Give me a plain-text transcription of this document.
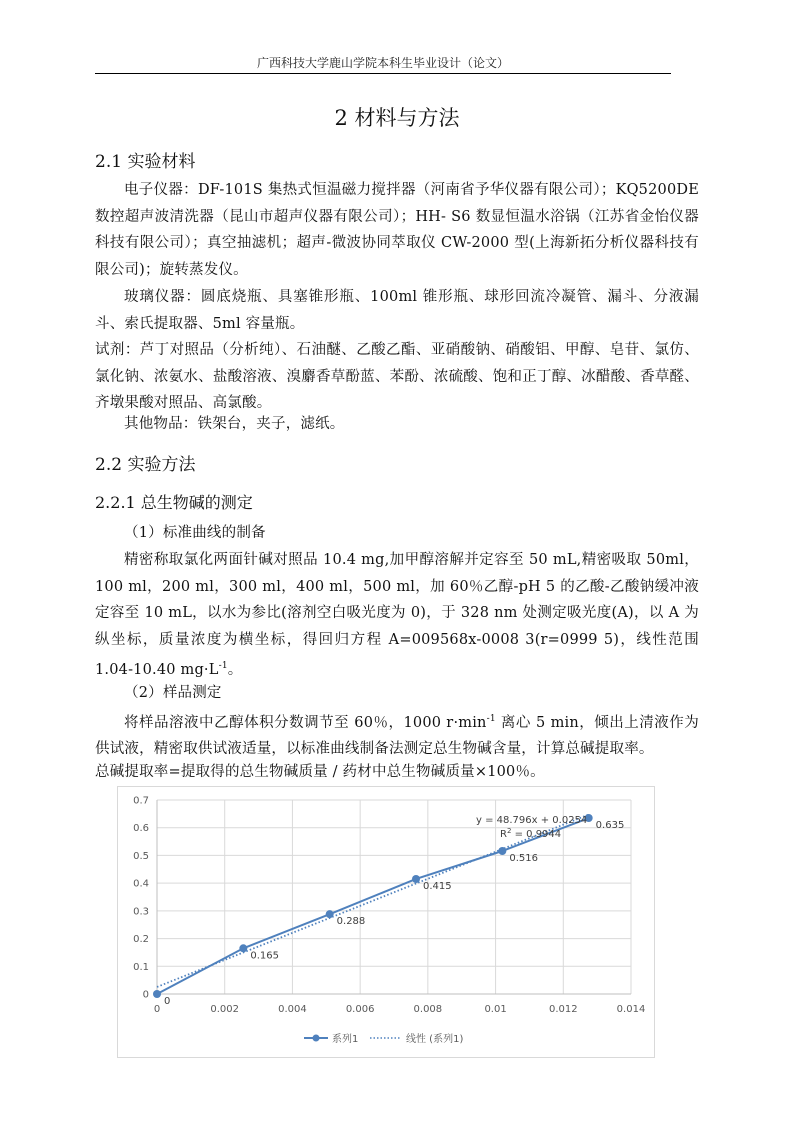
广西科技大学鹿山学院本科生毕业设计（论文）
2 材料与方法
2.1 实验材料
电子仪器：DF-101S 集热式恒温磁力搅拌器（河南省予华仪器有限公司）；KQ5200DE 数控超声波清洗器（昆山市超声仪器有限公司）；HH- S6 数显恒温水浴锅（江苏省金怡仪器科技有限公司）；真空抽滤机；超声-微波协同萃取仪 CW-2000 型(上海新拓分析仪器科技有限公司)；旋转蒸发仪。
玻璃仪器：圆底烧瓶、具塞锥形瓶、100ml 锥形瓶、球形回流冷凝管、漏斗、分液漏斗、索氏提取器、5ml 容量瓶。
试剂：芦丁对照品（分析纯）、石油醚、乙酸乙酯、亚硝酸钠、硝酸铝、甲醇、皂苷、氯仿、氯化钠、浓氨水、盐酸溶液、溴麝香草酚蓝、苯酚、浓硫酸、饱和正丁醇、冰醋酸、香草醛、齐墩果酸对照品、高氯酸。
其他物品：铁架台，夹子，滤纸。
2.2 实验方法
2.2.1 总生物碱的测定
（1）标准曲线的制备
精密称取氯化两面针碱对照品 10.4 mg,加甲醇溶解并定容至 50 mL,精密吸取 50ml，100 ml，200 ml，300 ml，400 ml，500 ml，加 60％乙醇-pH 5 的乙酸-乙酸钠缓冲液定容至 10 mL，以水为参比(溶剂空白吸光度为 0)，于 328 nm 处测定吸光度(A)，以 A 为纵坐标，质量浓度为横坐标，得回归方程 A=009568x-0008 3(r=0999 5)，线性范围 1.04-10.40 $mg\cdot L^{-1}$。
（2）样品测定
将样品溶液中乙醇体积分数调节至 60％，1000 $r\cdot\min^{-1}$ 离心 5 min，倾出上清液作为供试液，精密取供试液适量，以标准曲线制备法测定总生物碱含量，计算总碱提取率。
总碱提取率=提取得的总生物碱质量 / 药材中总生物碱质量×100％。
0
0.1
0.2
0.3
0.4
0.5
0.6
0.7
0	0.002	0.004	0.006	0.008	0.01	0.012	0.014
0
0.165
0.288
0.415
0.516
0.635
y = 48.796x + 0.0254
$R^2 = 0.9944$
系列1	线性 (系列1)
